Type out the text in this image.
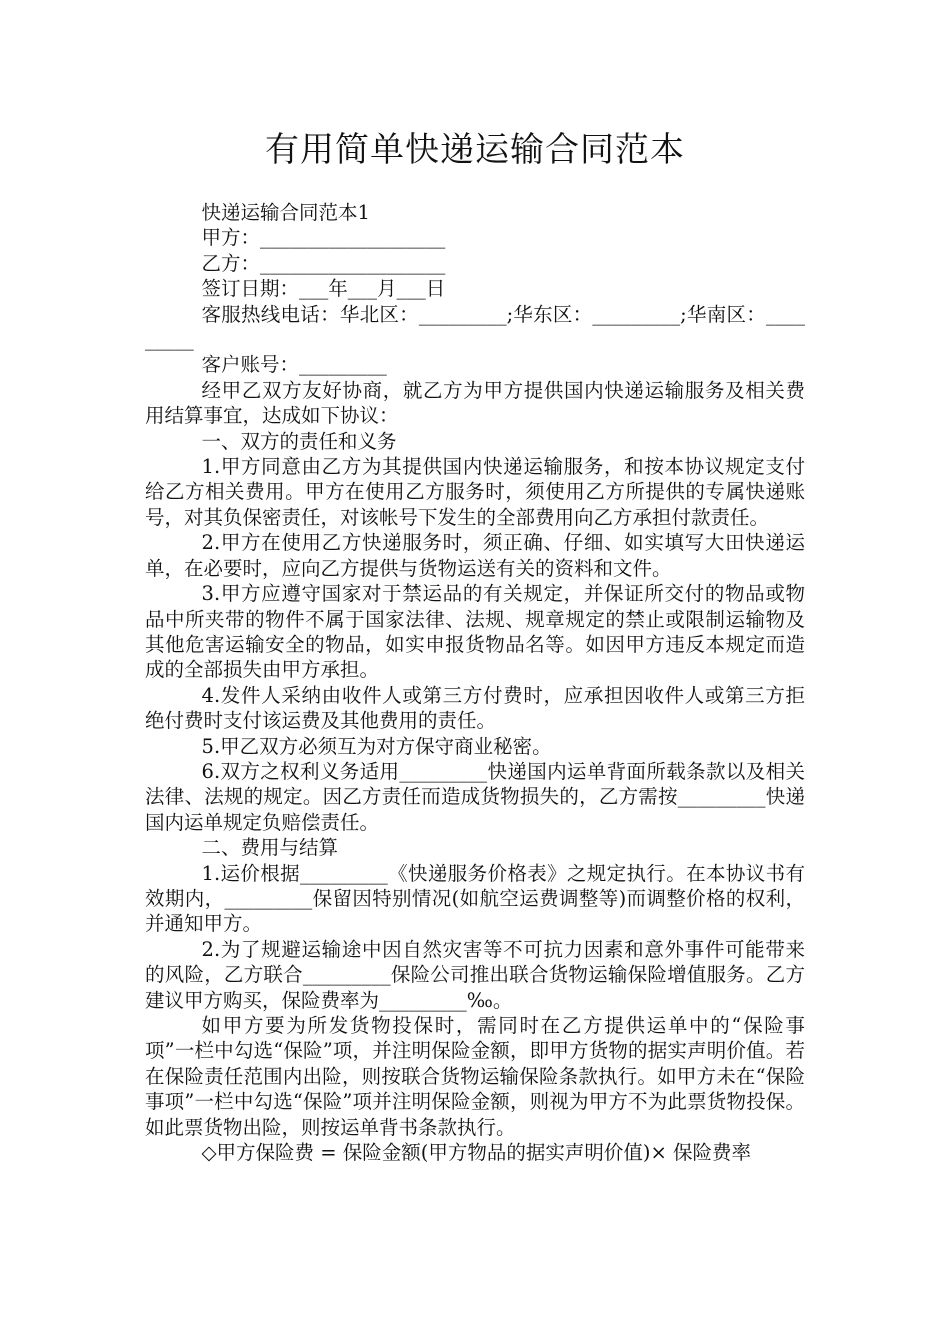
有用简单快递运输合同范本

快递运输合同范本1

甲方：___________________

乙方：___________________

签订日期：___年___月___日

客服热线电话：华北区：_________;华东区：_________;华南区：_________

客户账号：_________

经甲乙双方友好协商，就乙方为甲方提供国内快递运输服务及相关费用结算事宜，达成如下协议：

一、双方的责任和义务

1.甲方同意由乙方为其提供国内快递运输服务，和按本协议规定支付给乙方相关费用。甲方在使用乙方服务时，须使用乙方所提供的专属快递账号，对其负保密责任，对该帐号下发生的全部费用向乙方承担付款责任。

2.甲方在使用乙方快递服务时，须正确、仔细、如实填写大田快递运单，在必要时，应向乙方提供与货物运送有关的资料和文件。

3.甲方应遵守国家对于禁运品的有关规定，并保证所交付的物品或物品中所夹带的物件不属于国家法律、法规、规章规定的禁止或限制运输物及其他危害运输安全的物品，如实申报货物品名等。如因甲方违反本规定而造成的全部损失由甲方承担。

4.发件人采纳由收件人或第三方付费时，应承担因收件人或第三方拒绝付费时支付该运费及其他费用的责任。

5.甲乙双方必须互为对方保守商业秘密。

6.双方之权利义务适用_________快递国内运单背面所载条款以及相关法律、法规的规定。因乙方责任而造成货物损失的，乙方需按_________快递国内运单规定负赔偿责任。

二、费用与结算

1.运价根据_________《快递服务价格表》之规定执行。在本协议书有效期内，_________保留因特别情况(如航空运费调整等)而调整价格的权利，并通知甲方。

2.为了规避运输途中因自然灾害等不可抗力因素和意外事件可能带来的风险，乙方联合_________保险公司推出联合货物运输保险增值服务。乙方建议甲方购买，保险费率为_________‰。

如甲方要为所发货物投保时，需同时在乙方提供运单中的“保险事项”一栏中勾选“保险”项，并注明保险金额，即甲方货物的据实声明价值。若在保险责任范围内出险，则按联合货物运输保险条款执行。如甲方未在“保险事项”一栏中勾选“保险”项并注明保险金额，则视为甲方不为此票货物投保。如此票货物出险，则按运单背书条款执行。

◇甲方保险费 = 保险金额(甲方物品的据实声明价值)× 保险费率
